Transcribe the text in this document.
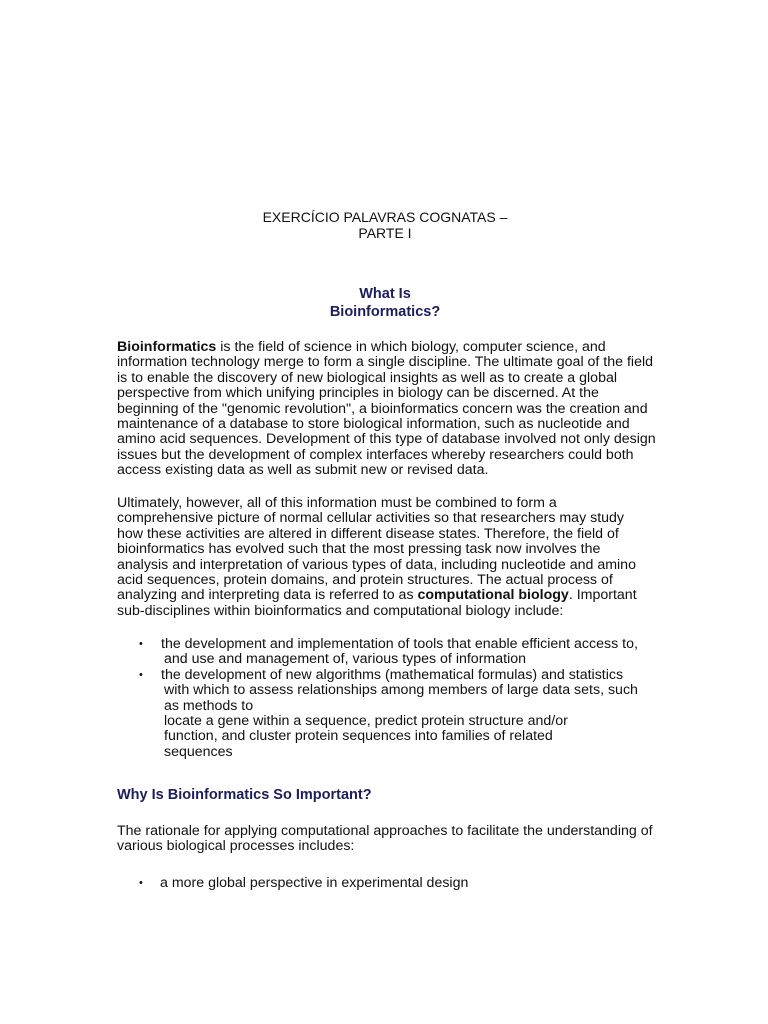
EXERCÍCIO PALAVRAS COGNATAS –
PARTE I
What Is
Bioinformatics?
Bioinformatics is the field of science in which biology, computer science, and
information technology merge to form a single discipline. The ultimate goal of the field
is to enable the discovery of new biological insights as well as to create a global
perspective from which unifying principles in biology can be discerned. At the
beginning of the "genomic revolution", a bioinformatics concern was the creation and
maintenance of a database to store biological information, such as nucleotide and
amino acid sequences. Development of this type of database involved not only design
issues but the development of complex interfaces whereby researchers could both
access existing data as well as submit new or revised data.
Ultimately, however, all of this information must be combined to form a
comprehensive picture of normal cellular activities so that researchers may study
how these activities are altered in different disease states. Therefore, the field of
bioinformatics has evolved such that the most pressing task now involves the
analysis and interpretation of various types of data, including nucleotide and amino
acid sequences, protein domains, and protein structures. The actual process of
analyzing and interpreting data is referred to as computational biology. Important
sub-disciplines within bioinformatics and computational biology include:
• the development and implementation of tools that enable efficient access to,
and use and management of, various types of information
• the development of new algorithms (mathematical formulas) and statistics
with which to assess relationships among members of large data sets, such
as methods to
locate a gene within a sequence, predict protein structure and/or
function, and cluster protein sequences into families of related
sequences
Why Is Bioinformatics So Important?
The rationale for applying computational approaches to facilitate the understanding of
various biological processes includes:
• a more global perspective in experimental design
